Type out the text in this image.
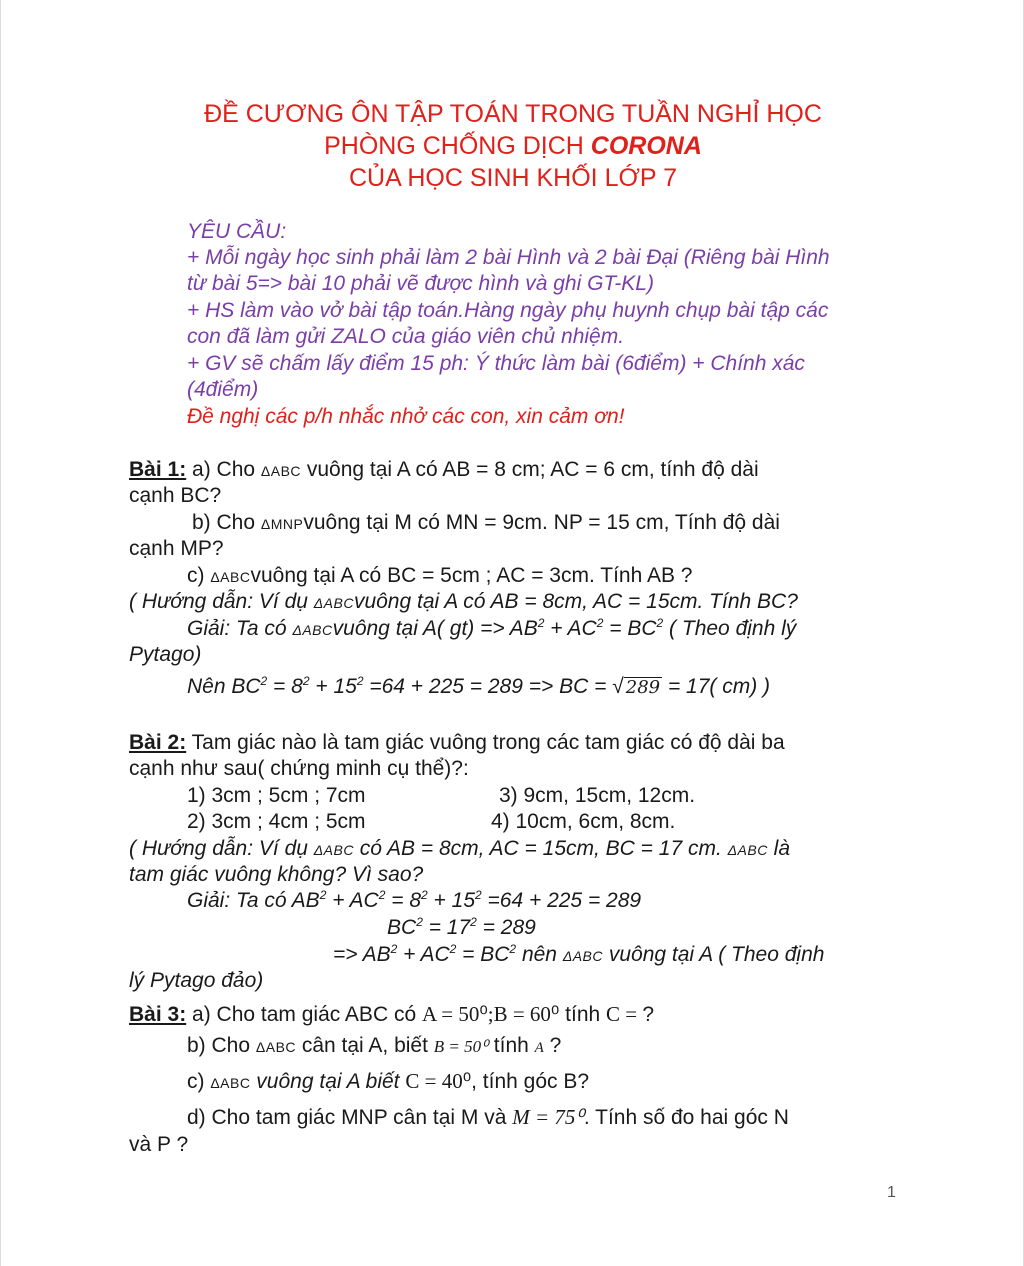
ĐỀ CƯƠNG ÔN TẬP TOÁN TRONG TUẦN NGHỈ HỌC
PHÒNG CHỐNG DỊCH CORONA
CỦA HỌC SINH KHỐI LỚP 7
YÊU CẦU:
+ Mỗi ngày học sinh phải làm 2 bài Hình và 2 bài Đại (Riêng bài Hình
từ bài 5=> bài 10 phải vẽ được hình và ghi GT-KL)
+ HS làm vào vở bài tập toán.Hàng ngày phụ huynh chụp bài tập các
con đã làm gửi ZALO của giáo viên chủ nhiệm.
+ GV sẽ chấm lấy điểm 15 ph: Ý thức làm bài (6điểm) + Chính xác
(4điểm)
Đề nghị các p/h nhắc nhở các con, xin cảm ơn!
Bài 1: a) Cho ΔABC vuông tại A có AB = 8 cm; AC = 6 cm, tính độ dài
cạnh BC?
b) Cho ΔMNPvuông tại M có MN = 9cm. NP = 15 cm, Tính độ dài
cạnh MP?
c) ΔABCvuông tại A có BC = 5cm ; AC = 3cm. Tính AB ?
( Hướng dẫn: Ví dụ ΔABCvuông tại A có AB = 8cm, AC = 15cm. Tính BC?
Giải: Ta có ΔABCvuông tại A( $gt) => AB^2 + AC^2 = BC^2$ ( Theo định lý
Pytago)
Nên $BC^2 = 8^2 + 15^2 =64 + 225 = 289$ => BC = √ 289 = 17( cm) )
Bài 2: Tam giác nào là tam giác vuông trong các tam giác có độ dài ba
cạnh như sau( chứng minh cụ thể)?:
1) 3cm ; 5cm ; 7cm	3) 9cm, 15cm, 12cm.
2) 3cm ; 4cm ; 5cm	4) 10cm, 6cm, 8cm.
( Hướng dẫn: Ví dụ ΔABC có AB = 8cm, AC = 15cm, BC = 17 cm. ΔABC là
tam giác vuông không? Vì sao?
Giải: Ta có $AB^2 + AC^2 = 8^2 + 15^2 =64 + 225 = 289$
$BC^2 = 17^2 = 289$
=> $AB^2 + AC^2 = BC^2$ nên ΔABC vuông tại A ( Theo định
lý Pytago đảo)
Bài 3: a) Cho tam giác ABC có A = 50⁰;B = 60⁰ tính C = ?
b) Cho ΔABC cân tại A, biết B = 50⁰ tính A ?
c) ΔABC vuông tại A biết C = 40⁰, tính góc B?
d) Cho tam giác MNP cân tại M và M = 75⁰. Tính số đo hai góc N
và P ?
1
